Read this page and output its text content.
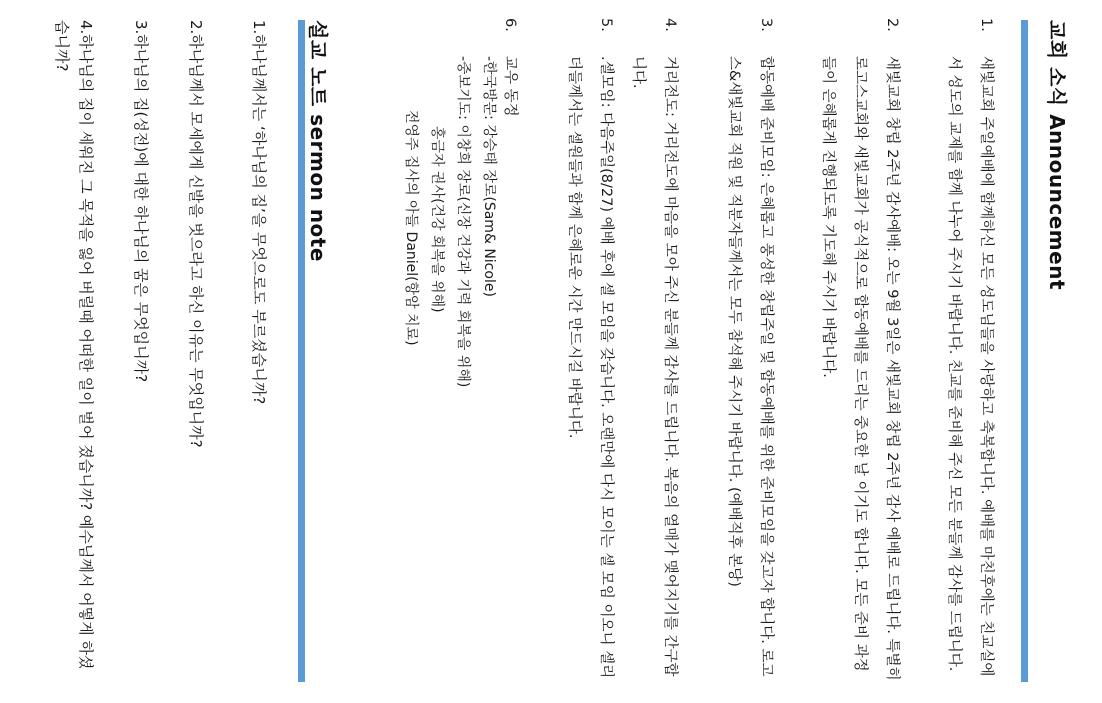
교회 소식 Announcement
1.
새빛교회 주일예배에 함께하신 모든 성도님들을 사랑하고 축복합니다. 예배를 마친후에는 친교실에서 성도의 교제를 함께 나누어 주시기 바랍니다. 친교를 준비해 주신 모든 분들께 감사를 드립니다.
2.
새빛교회 창립 2주년 감사예배: 오는 9월 3일은 새빛교회 창립 2주년 감사 예배로 드립니다. 특별히 로고스교회와 새빛교회가 공식적으로 합동예배를 드리는 중요한 날 이기도 합니다. 모든 준비 과정들이 은혜롭게 진행되도록 기도해 주시기 바랍니다.
3.
합동예배 준비모임: 은혜롭고 풍성한 창립주일 및 합동예배를 위한 준비모임을 갖고자 합니다. 로고스&새빛교회 직원 및 직분자들께서는 모두 참석해 주시기 바랍니다. (예배직후 본당)
4.
거리전도: 거리전도에 마음을 모아 주신 분들께 감사를 드립니다. 복음의 열매가 맺어지기를 간구합니다.
5.
.셀모임: 다음주일(8/27) 예배 후에 셀 모임을 갖습니다. 오랜만에 다시 모이는 셀 모임 이오니 셀리더들께서는 셀원들과 함께 은혜로운 시간 만드시길 바랍니다.
6.
교우 동정
-한국방문: 강승태 장로(Sam& Nicole)
-중보기도: 이창희 장로(신장 건강과 기력 회복을 위해)
홍금자 권사(건강 회복을 위해)
전영주 집사의 아들 Daniel(항암 치료)
설교 노트 sermon note
1.하나님께서는 ‘하나님의 집’을 무엇으로도 부르셨습니까?
2.하나님께서 모세에게 신발을 벗으라고 하신 이유는 무엇입니까?
3.하나님의 집(성전)에 대한 하나님의 꿈은 무엇입니까?
4.하나님의 집이 세워진 그 목적을 잃어 버릴때 어떠한 일이 벌어 졌습니까? 예수님께서 어떻게 하셨습니까?
